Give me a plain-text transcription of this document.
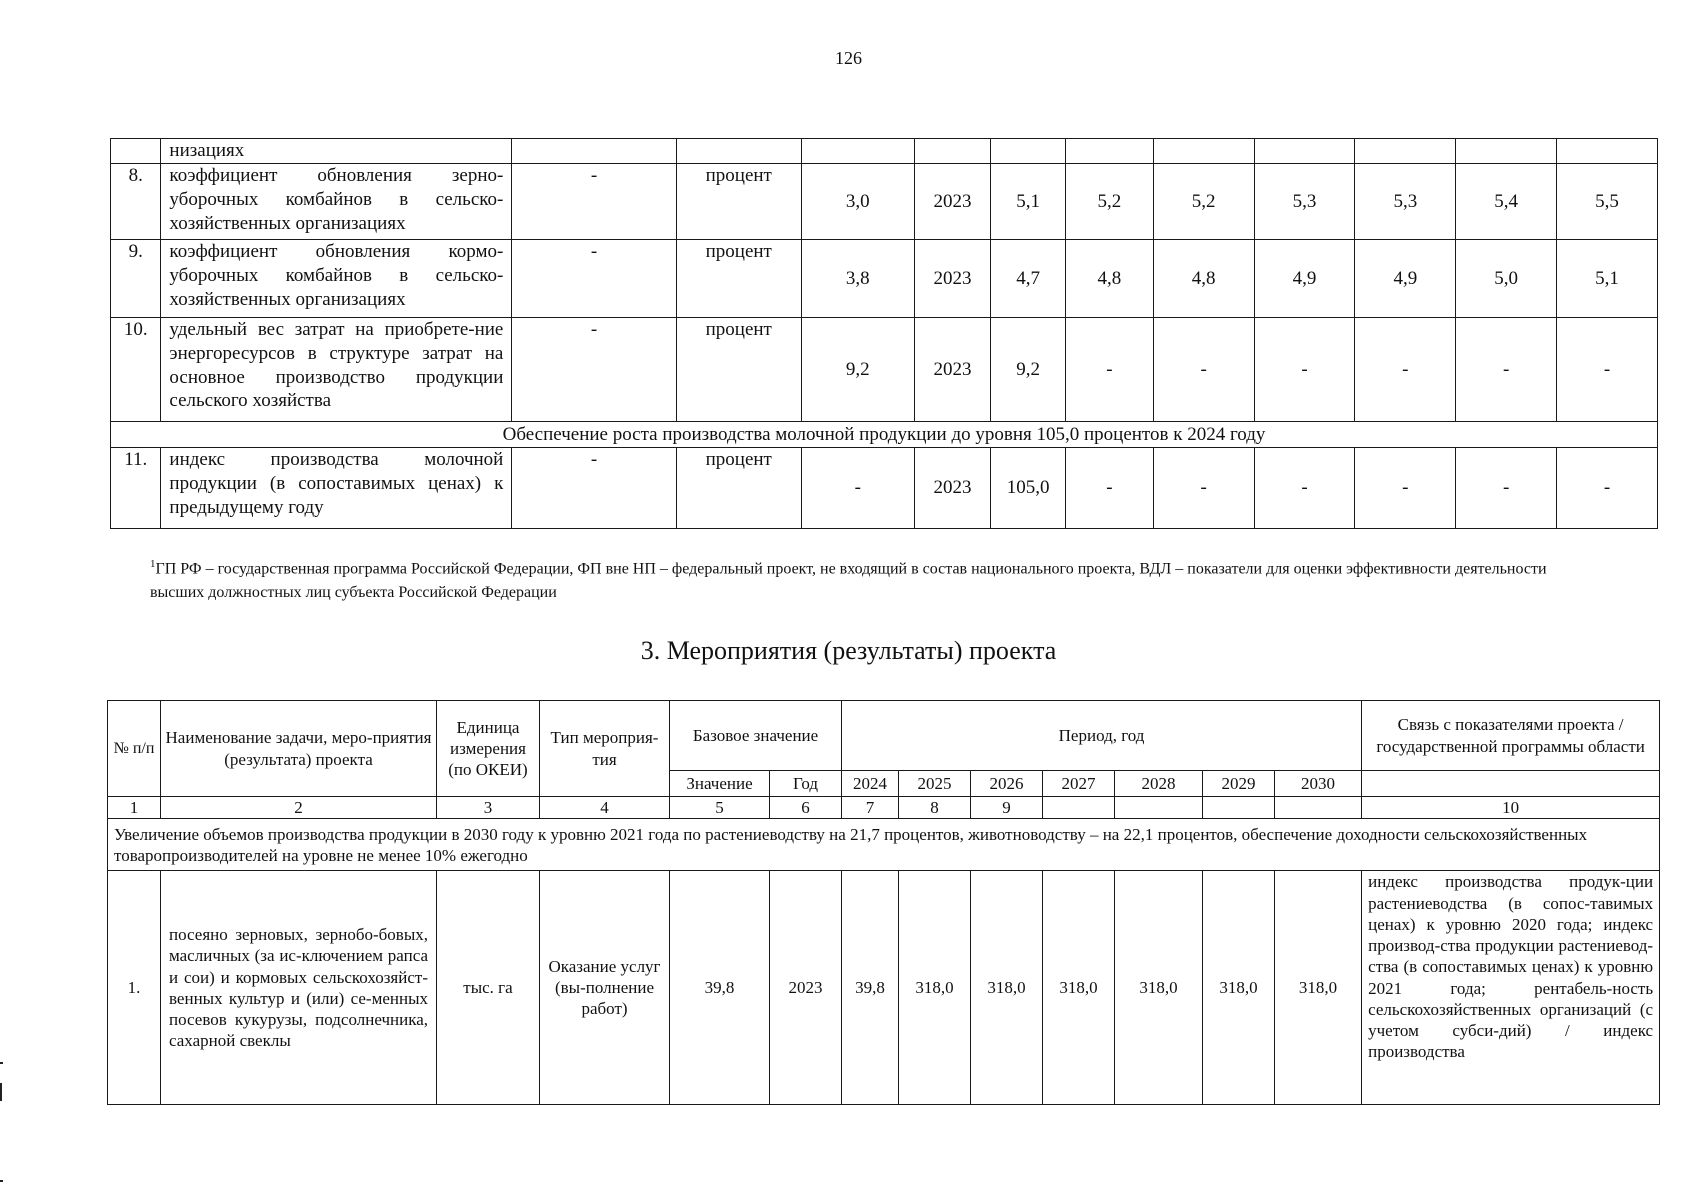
126
	низациях											
8.	коэффициент обновления зерно-уборочных комбайнов в сельско-хозяйственных организациях	-	процент	3,0	2023	5,1	5,2	5,2	5,3	5,3	5,4	5,5
9.	коэффициент обновления кормо-уборочных комбайнов в сельско-хозяйственных организациях	-	процент	3,8	2023	4,7	4,8	4,8	4,9	4,9	5,0	5,1
10.	удельный вес затрат на приобрете-ние энергоресурсов в структуре затрат на основное производство продукции сельского хозяйства	-	процент	9,2	2023	9,2	-	-	-	-	-	-
Обеспечение роста производства молочной продукции до уровня 105,0 процентов к 2024 году												
11.	индекс производства молочной продукции (в сопоставимых ценах) к предыдущему году	-	процент	-	2023	105,0	-	-	-	-	-	-
$^1$ГП РФ – государственная программа Российской Федерации, ФП вне НП – федеральный проект, не входящий в состав национального проекта, ВДЛ – показатели для оценки эффективности деятельности высших должностных лиц субъекта Российской Федерации
3. Мероприятия (результаты) проекта
№ п/п	Наименование задачи, меро-приятия (результата) проекта	Единица измерения (по ОКЕИ)	Тип мероприя-тия	Базовое значение		Период, год							Связь с показателями проекта / государственной программы области
				Значение	Год	2024	2025	2026	2027	2028	2029	2030	
1	2	3	4	5	6	7	8	9					10
Увеличение объемов производства продукции в 2030 году к уровню 2021 года по растениеводству на 21,7 процентов, животноводству – на 22,1 процентов, обеспечение доходности сельскохозяйственных товаропроизводителей на уровне не менее 10% ежегодно													
1.	посеяно зерновых, зернобо-бовых, масличных (за ис-ключением рапса и сои) и кормовых сельскохозяйст-венных культур и (или) се-менных посевов кукурузы, подсолнечника, сахарной свеклы	тыс. га	Оказание услуг (вы-полнение работ)	39,8	2023	39,8	318,0	318,0	318,0	318,0	318,0	318,0	индекс производства продук-ции растениеводства (в сопос-тавимых ценах) к уровню 2020 года; индекс производ-ства продукции растениевод-ства (в сопоставимых ценах) к уровню 2021 года; рентабель-ность сельскохозяйственных организаций (с учетом субси-дий) / индекс производства
